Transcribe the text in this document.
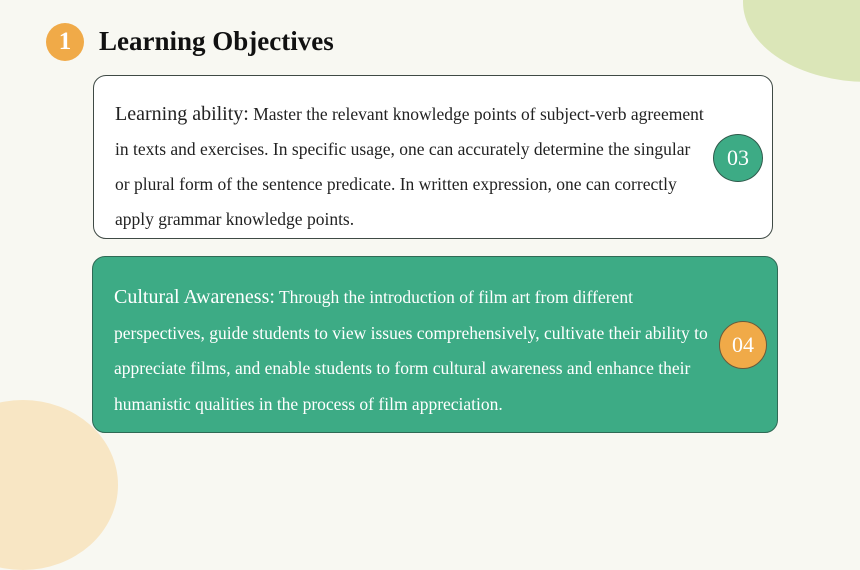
1	Learning Objectives

Learning ability: Master the relevant knowledge points of subject-verb agreement in texts and exercises. In specific usage, one can accurately determine the singular or plural form of the sentence predicate. In written expression, one can correctly apply grammar knowledge points.

03

Cultural Awareness: Through the introduction of film art from different perspectives, guide students to view issues comprehensively, cultivate their ability to appreciate films, and enable students to form cultural awareness and enhance their humanistic qualities in the process of film appreciation.

04
